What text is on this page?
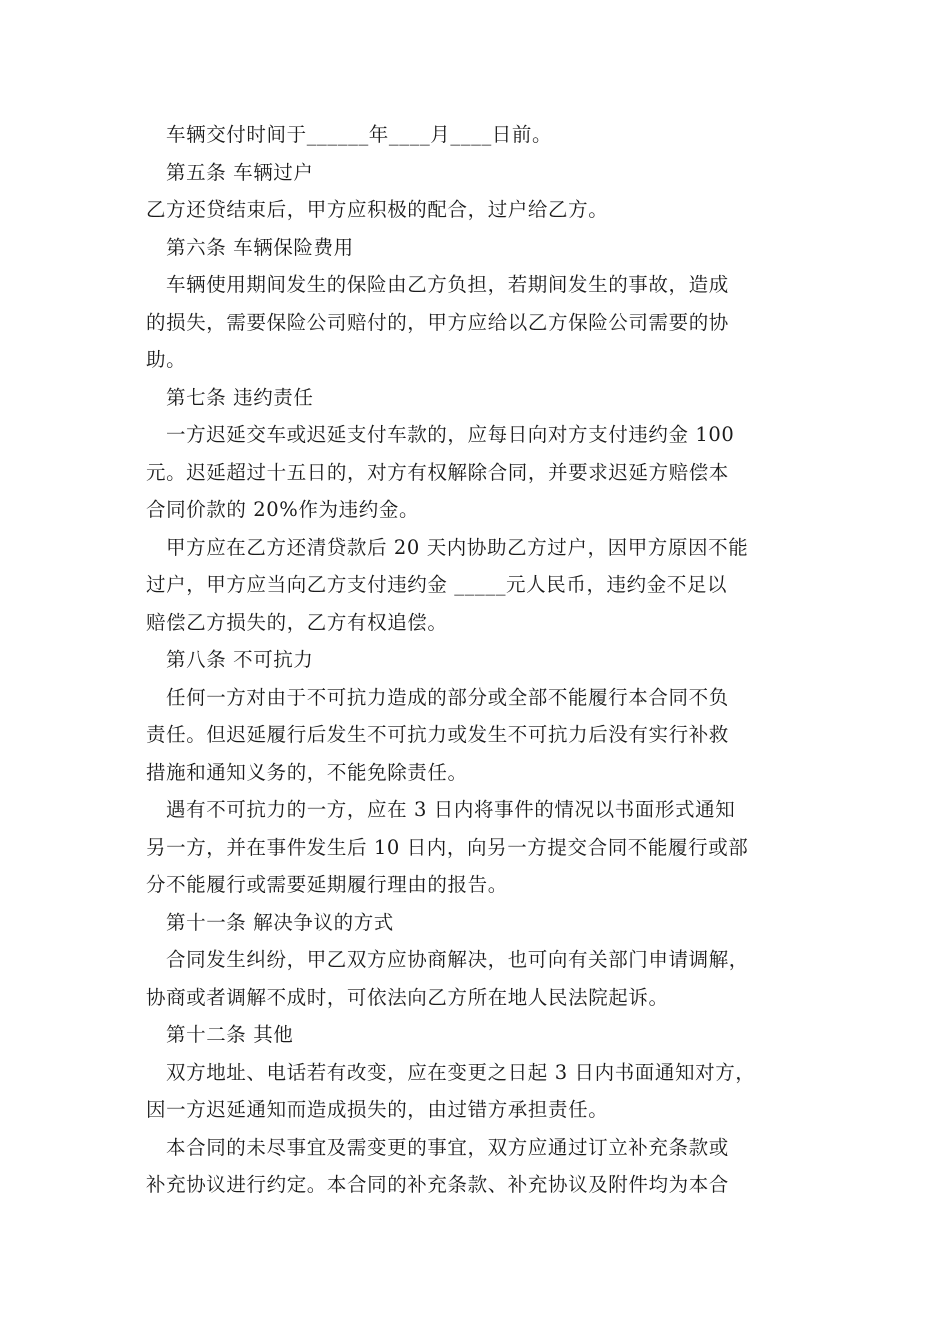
车辆交付时间于______年____月____日前。
第五条 车辆过户
乙方还贷结束后，甲方应积极的配合，过户给乙方。
第六条 车辆保险费用
车辆使用期间发生的保险由乙方负担，若期间发生的事故，造成
的损失，需要保险公司赔付的，甲方应给以乙方保险公司需要的协
助。
第七条 违约责任
一方迟延交车或迟延支付车款的，应每日向对方支付违约金 100
元。迟延超过十五日的，对方有权解除合同，并要求迟延方赔偿本
合同价款的 20%作为违约金。
甲方应在乙方还清贷款后 20 天内协助乙方过户，因甲方原因不能
过户，甲方应当向乙方支付违约金 _____元人民币，违约金不足以
赔偿乙方损失的，乙方有权追偿。
第八条 不可抗力
任何一方对由于不可抗力造成的部分或全部不能履行本合同不负
责任。但迟延履行后发生不可抗力或发生不可抗力后没有实行补救
措施和通知义务的，不能免除责任。
遇有不可抗力的一方，应在 3 日内将事件的情况以书面形式通知
另一方，并在事件发生后 10 日内，向另一方提交合同不能履行或部
分不能履行或需要延期履行理由的报告。
第十一条 解决争议的方式
合同发生纠纷，甲乙双方应协商解决，也可向有关部门申请调解，
协商或者调解不成时，可依法向乙方所在地人民法院起诉。
第十二条 其他
双方地址、电话若有改变，应在变更之日起 3 日内书面通知对方，
因一方迟延通知而造成损失的，由过错方承担责任。
本合同的未尽事宜及需变更的事宜，双方应通过订立补充条款或
补充协议进行约定。本合同的补充条款、补充协议及附件均为本合
